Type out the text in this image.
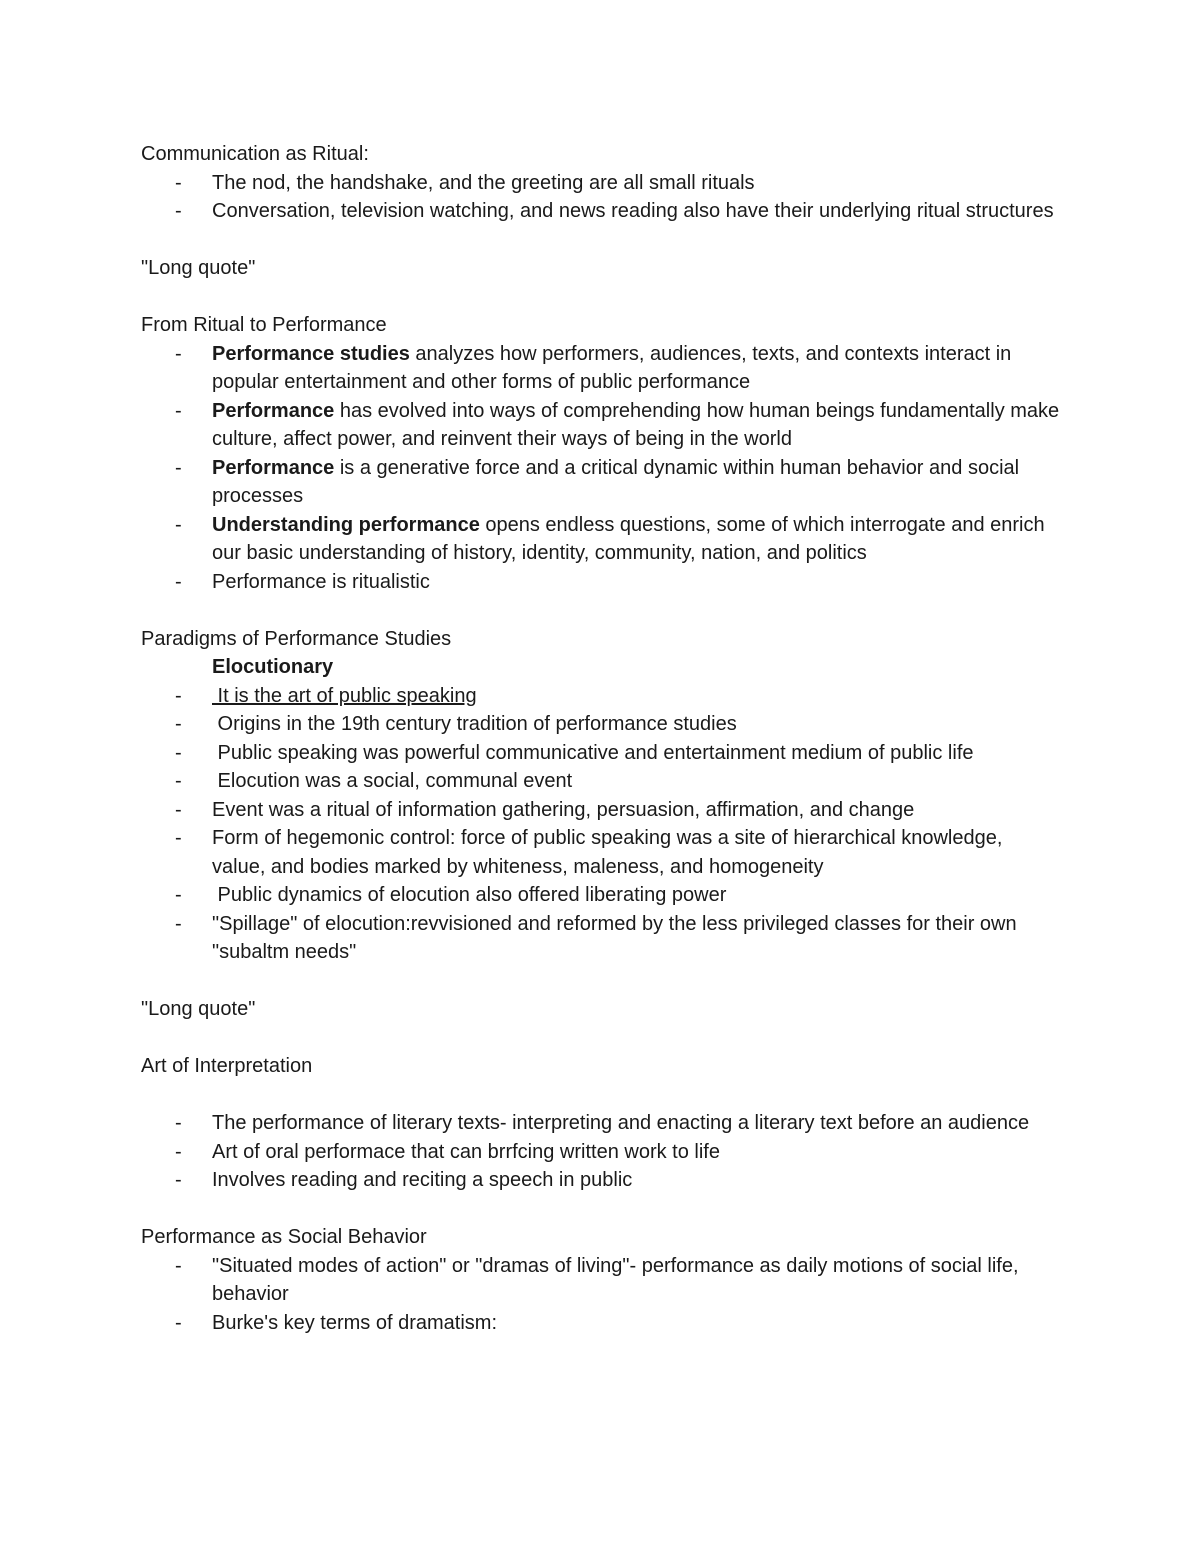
Communication as Ritual:

- The nod, the handshake, and the greeting are all small rituals
- Conversation, television watching, and news reading also have their underlying ritual structures

"Long quote"

From Ritual to Performance

- Performance studies analyzes how performers, audiences, texts, and contexts interact in popular entertainment and other forms of public performance
- Performance has evolved into ways of comprehending how human beings fundamentally make culture, affect power, and reinvent their ways of being in the world
- Performance is a generative force and a critical dynamic within human behavior and social processes
- Understanding performance opens endless questions, some of which interrogate and enrich our basic understanding of history, identity, community, nation, and politics
- Performance is ritualistic

Paradigms of Performance Studies

Elocutionary

-  It is the art of public speaking
-  Origins in the 19th century tradition of performance studies
-  Public speaking was powerful communicative and entertainment medium of public life
-  Elocution was a social, communal event
- Event was a ritual of information gathering, persuasion, affirmation, and change
- Form of hegemonic control: force of public speaking was a site of hierarchical knowledge, value, and bodies marked by whiteness, maleness, and homogeneity
-  Public dynamics of elocution also offered liberating power
- "Spillage" of elocution:revvisioned and reformed by the less privileged classes for their own "subaltm needs"

"Long quote"

Art of Interpretation

- The performance of literary texts- interpreting and enacting a literary text before an audience
- Art of oral performace that can brrfcing written work to life
- Involves reading and reciting a speech in public

Performance as Social Behavior

- "Situated modes of action" or "dramas of living"- performance as daily motions of social life, behavior
- Burke's key terms of dramatism:
